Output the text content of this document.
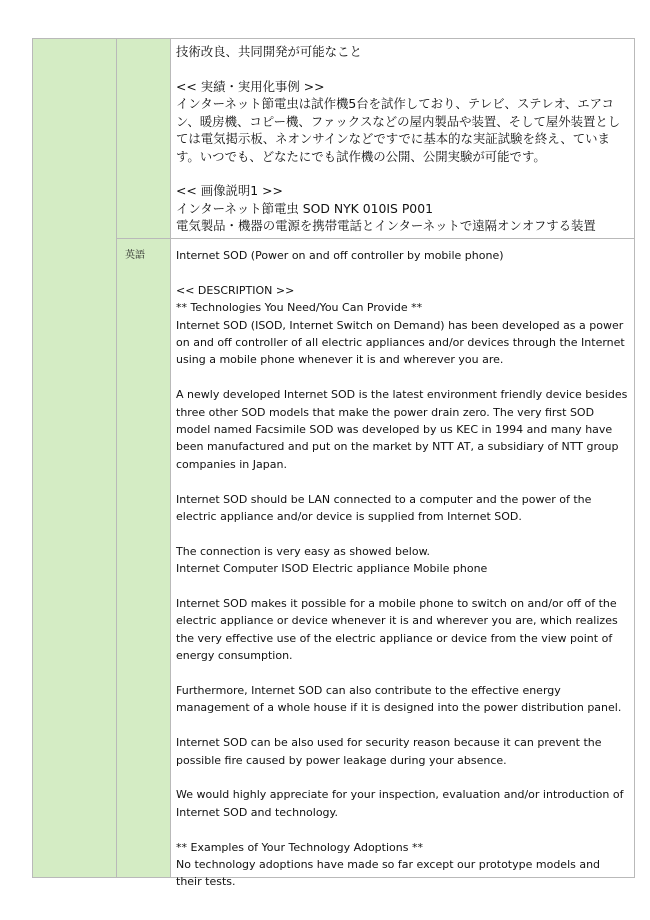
英語

技術改良、共同開発が可能なこと

<< 実績・実用化事例 >>

インターネット節電虫は試作機5台を試作しており、テレビ、ステレオ、エアコン、暖房機、コピー機、ファックスなどの屋内製品や装置、そして屋外装置としては電気掲示板、ネオンサインなどですでに基本的な実証試験を終え、ています。いつでも、どなたにでも試作機の公開、公開実験が可能です。

<< 画像説明1 >>

インターネット節電虫 SOD NYK 010IS P001

電気製品・機器の電源を携帯電話とインターネットで遠隔オンオフする装置

Internet SOD (Power on and off controller by mobile phone)

<< DESCRIPTION >>

** Technologies You Need/You Can Provide **

Internet SOD (ISOD, Internet Switch on Demand) has been developed as a power on and off controller of all electric appliances and/or devices through the Internet using a mobile phone whenever it is and wherever you are.

A newly developed Internet SOD is the latest environment friendly device besides three other SOD models that make the power drain zero. The very first SOD model named Facsimile SOD was developed by us KEC in 1994 and many have been manufactured and put on the market by NTT AT, a subsidiary of NTT group companies in Japan.

Internet SOD should be LAN connected to a computer and the power of the electric appliance and/or device is supplied from Internet SOD.

The connection is very easy as showed below.

Internet Computer ISOD Electric appliance Mobile phone

Internet SOD makes it possible for a mobile phone to switch on and/or off of the electric appliance or device whenever it is and wherever you are, which realizes the very effective use of the electric appliance or device from the view point of energy consumption.

Furthermore, Internet SOD can also contribute to the effective energy management of a whole house if it is designed into the power distribution panel.

Internet SOD can be also used for security reason because it can prevent the possible fire caused by power leakage during your absence.

We would highly appreciate for your inspection, evaluation and/or introduction of Internet SOD and technology.

** Examples of Your Technology Adoptions **

No technology adoptions have made so far except our prototype models and their tests.
